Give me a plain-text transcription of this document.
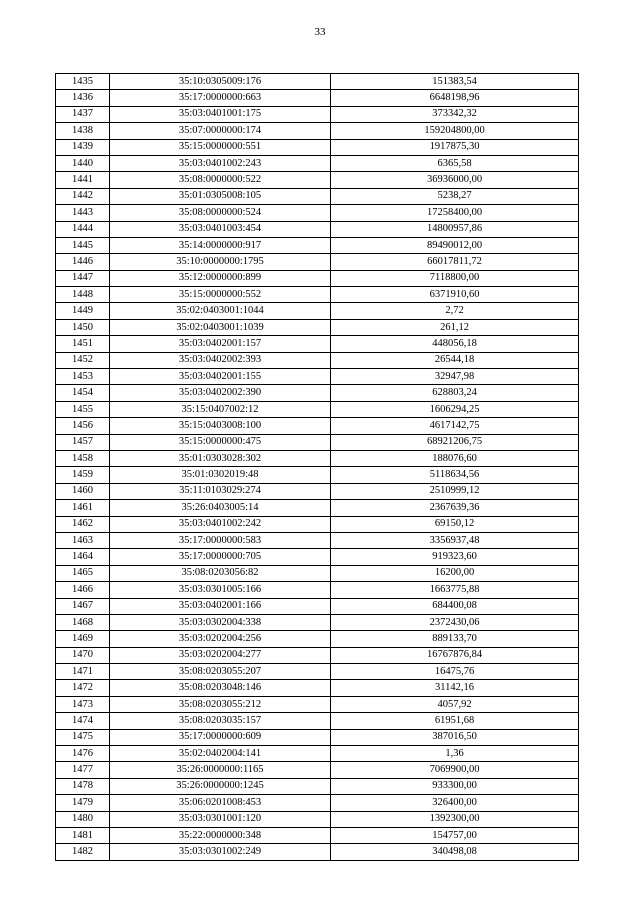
33
1435	35:10:0305009:176	151383,54
1436	35:17:0000000:663	6648198,96
1437	35:03:0401001:175	373342,32
1438	35:07:0000000:174	159204800,00
1439	35:15:0000000:551	1917875,30
1440	35:03:0401002:243	6365,58
1441	35:08:0000000:522	36936000,00
1442	35:01:0305008:105	5238,27
1443	35:08:0000000:524	17258400,00
1444	35:03:0401003:454	14800957,86
1445	35:14:0000000:917	89490012,00
1446	35:10:0000000:1795	66017811,72
1447	35:12:0000000:899	7118800,00
1448	35:15:0000000:552	6371910,60
1449	35:02:0403001:1044	2,72
1450	35:02:0403001:1039	261,12
1451	35:03:0402001:157	448056,18
1452	35:03:0402002:393	26544,18
1453	35:03:0402001:155	32947,98
1454	35:03:0402002:390	628803,24
1455	35:15:0407002:12	1606294,25
1456	35:15:0403008:100	4617142,75
1457	35:15:0000000:475	68921206,75
1458	35:01:0303028:302	188076,60
1459	35:01:0302019:48	5118634,56
1460	35:11:0103029:274	2510999,12
1461	35:26:0403005:14	2367639,36
1462	35:03:0401002:242	69150,12
1463	35:17:0000000:583	3356937,48
1464	35:17:0000000:705	919323,60
1465	35:08:0203056:82	16200,00
1466	35:03:0301005:166	1663775,88
1467	35:03:0402001:166	684400,08
1468	35:03:0302004:338	2372430,06
1469	35:03:0202004:256	889133,70
1470	35:03:0202004:277	16767876,84
1471	35:08:0203055:207	16475,76
1472	35:08:0203048:146	31142,16
1473	35:08:0203055:212	4057,92
1474	35:08:0203035:157	61951,68
1475	35:17:0000000:609	387016,50
1476	35:02:0402004:141	1,36
1477	35:26:0000000:1165	7069900,00
1478	35:26:0000000:1245	933300,00
1479	35:06:0201008:453	326400,00
1480	35:03:0301001:120	1392300,00
1481	35:22:0000000:348	154757,00
1482	35:03:0301002:249	340498,08
